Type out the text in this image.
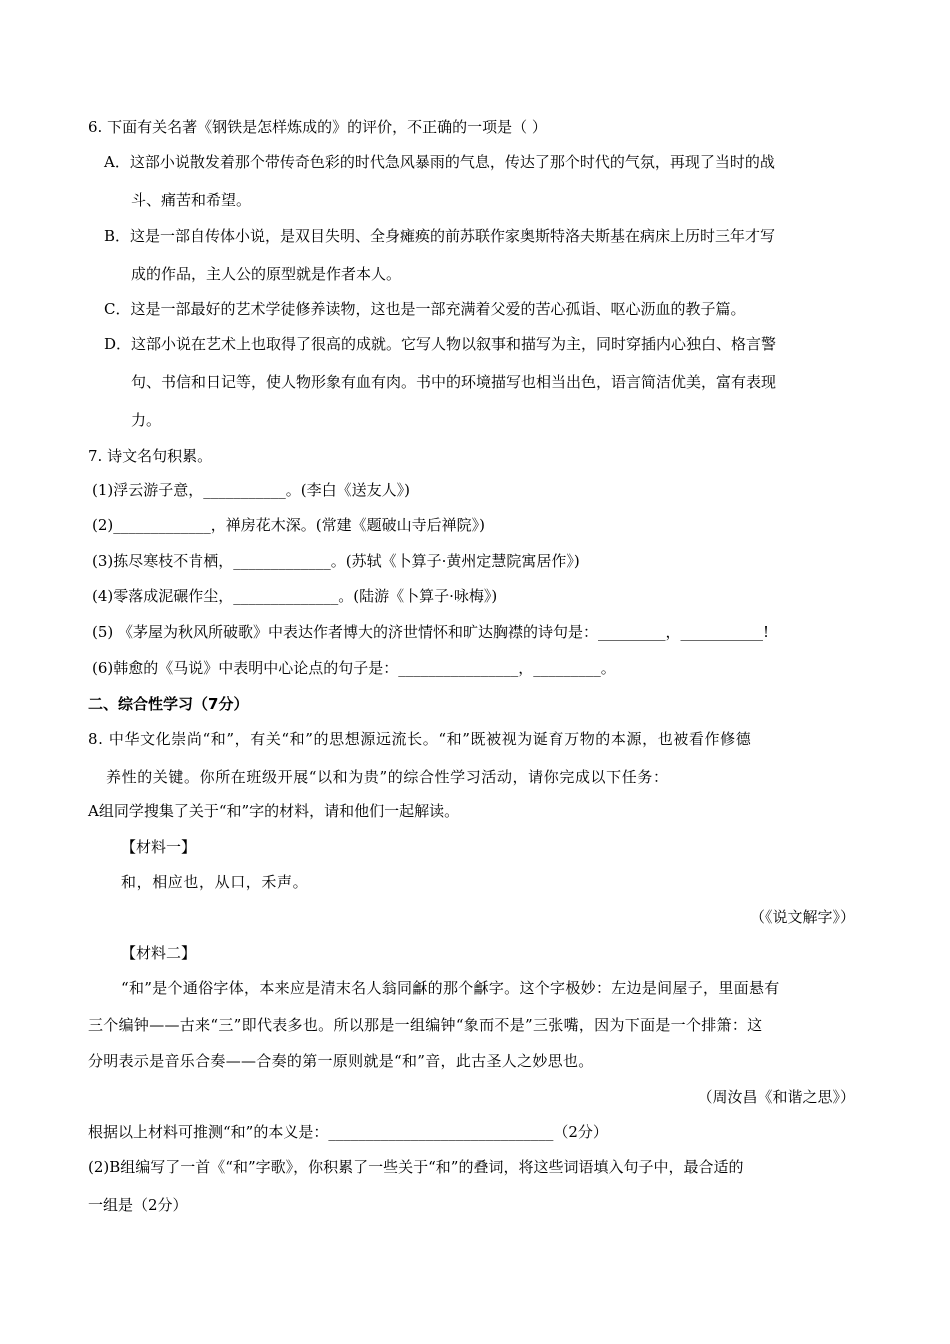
6. 下面有关名著《钢铁是怎样炼成的》的评价，不正确的一项是（ ）
A．这部小说散发着那个带传奇色彩的时代急风暴雨的气息，传达了那个时代的气氛，再现了当时的战
斗、痛苦和希望。
B．这是一部自传体小说，是双目失明、全身瘫痪的前苏联作家奥斯特洛夫斯基在病床上历时三年才写
成的作品，主人公的原型就是作者本人。
C．这是一部最好的艺术学徒修养读物，这也是一部充满着父爱的苦心孤诣、呕心沥血的教子篇。
D．这部小说在艺术上也取得了很高的成就。它写人物以叙事和描写为主，同时穿插内心独白、格言警
句、书信和日记等，使人物形象有血有肉。书中的环境描写也相当出色，语言简洁优美，富有表现
力。
7. 诗文名句积累。
(1)浮云游子意，___________。(李白《送友人》)
(2)_____________，禅房花木深。(常建《题破山寺后禅院》)
(3)拣尽寒枝不肯栖，_____________。(苏轼《卜算子·黄州定慧院寓居作》)
(4)零落成泥碾作尘，______________。(陆游《卜算子·咏梅》)
(5) 《茅屋为秋风所破歌》中表达作者博大的济世情怀和旷达胸襟的诗句是：_________，___________!
(6)韩愈的《马说》中表明中心论点的句子是：________________，_________。
二、综合性学习（7分）
8. 中华文化崇尚“和”，有关“和”的思想源远流长。“和”既被视为诞育万物的本源，也被看作修德
养性的关键。你所在班级开展“以和为贵”的综合性学习活动，请你完成以下任务：
A组同学搜集了关于“和”字的材料，请和他们一起解读。
【材料一】
和，相应也，从口，禾声。
（《说文解字》）
【材料二】
“和”是个通俗字体，本来应是清末名人翁同龢的那个龢字。这个字极妙：左边是间屋子，里面悬有
三个编钟——古来“三”即代表多也。所以那是一组编钟“象而不是”三张嘴，因为下面是一个排箫：这
分明表示是音乐合奏——合奏的第一原则就是“和”音，此古圣人之妙思也。
（周汝昌《和谐之思》）
根据以上材料可推测“和”的本义是：______________________________（2分）
(2)B组编写了一首《“和”字歌》，你积累了一些关于“和”的叠词，将这些词语填入句子中，最合适的
一组是（2分）
